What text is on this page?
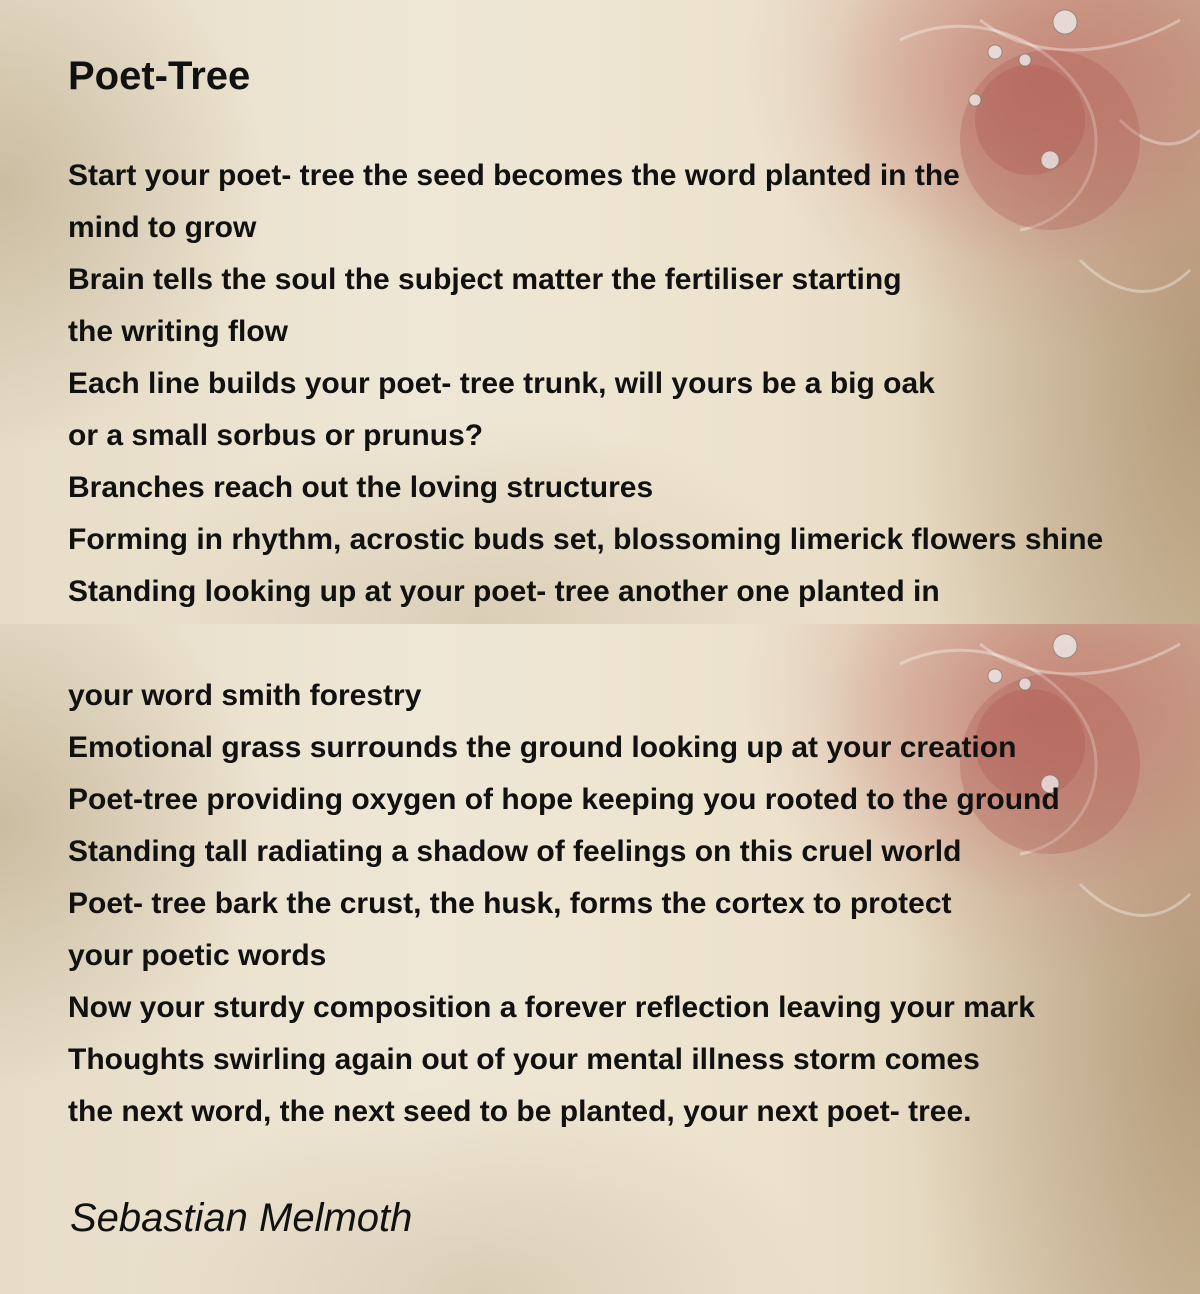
Poet-Tree
Start your poet- tree the seed becomes the word planted in the
mind to grow
Brain tells the soul the subject matter the fertiliser starting
the writing flow
Each line builds your poet- tree trunk, will yours be a big oak
or a small sorbus or prunus?
Branches reach out the loving structures
Forming in rhythm, acrostic buds set, blossoming limerick flowers shine
Standing looking up at your poet- tree another one planted in
your word smith forestry
Emotional grass surrounds the ground looking up at your creation
Poet-tree providing oxygen of hope keeping you rooted to the ground
Standing tall radiating a shadow of feelings on this cruel world
Poet- tree bark the crust, the husk, forms the cortex to protect
your poetic words
Now your sturdy composition a forever reflection leaving your mark
Thoughts swirling again out of your mental illness storm comes
the next word, the next seed to be planted, your next poet- tree.
Sebastian Melmoth
